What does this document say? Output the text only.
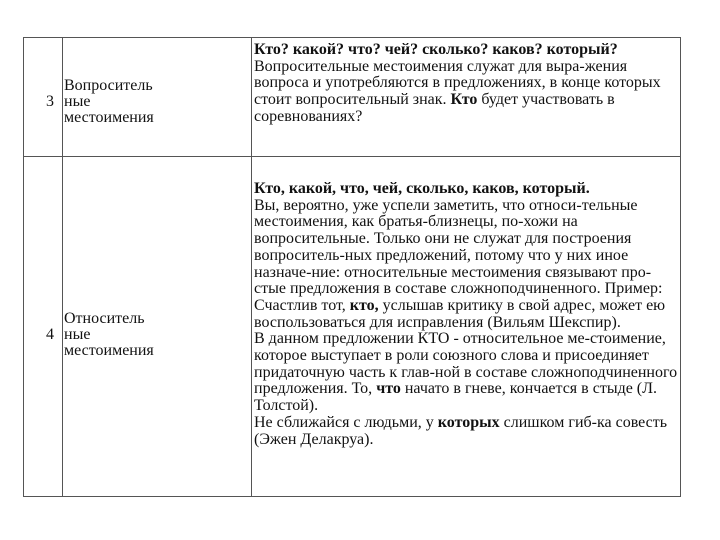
3
Вопроситель
ные
местоимения

Кто? какой? что? чей? сколько? каков? который?

Вопросительные местоимения служат для выра-жения вопроса и употребляются в предложениях, в конце которых стоит вопросительный знак. Кто будет участвовать в соревнованиях?

4
Относитель
ные
местоимения

Кто, какой, что, чей, сколько, каков, который.

Вы, вероятно, уже успели заметить, что относи-тельные местоимения, как братья-близнецы, по-хожи на вопросительные. Только они не служат для построения вопроситель-ных предложений, потому что у них иное назначе-ние: относительные местоимения связывают про-стые предложения в составе сложноподчиненного. Пример: Счастлив тот, кто, услышав критику в свой адрес, может ею воспользоваться для исправления (Вильям Шекспир).

В данном предложении КТО - относительное ме-стоимение, которое выступает в роли союзного слова и присоединяет придаточную часть к глав-ной в составе сложноподчиненного предложения. То, что начато в гневе, кончается в стыде (Л. Толстой).

Не сближайся с людьми, у которых слишком гиб-ка совесть (Эжен Делакруа).
